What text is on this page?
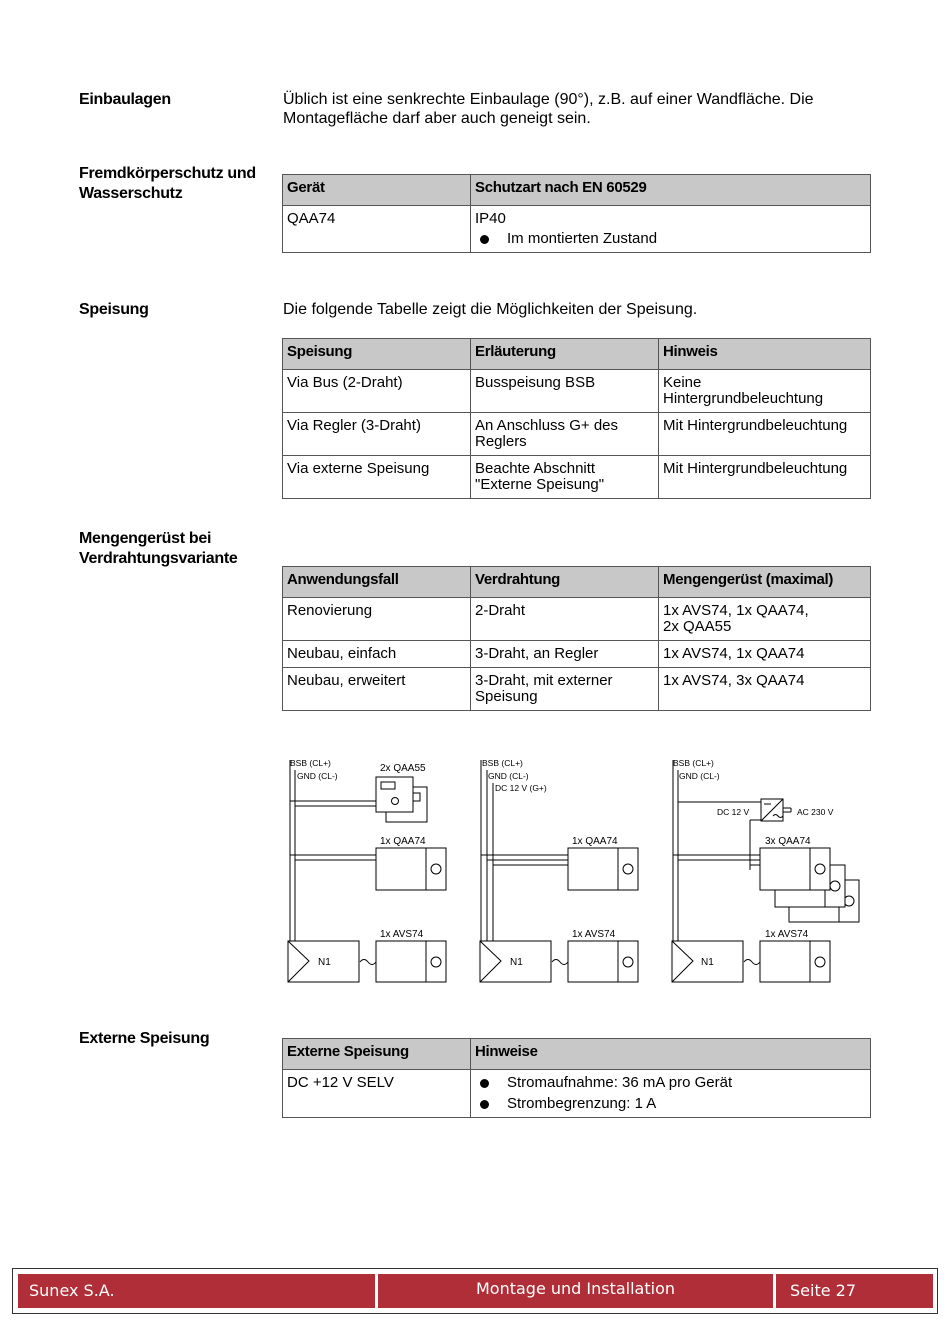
Einbaulagen	Üblich ist eine senkrechte Einbaulage (90°), z.B. auf einer Wandfläche. Die
Montagefläche darf aber auch geneigt sein.
Fremdkörperschutz und
Wasserschutz	Gerät	Schutzart nach EN 60529
QAA74	IP40
Im montierten Zustand
Speisung	Die folgende Tabelle zeigt die Möglichkeiten der Speisung.
Speisung	Erläuterung	Hinweis
Via Bus (2-Draht)	Busspeisung BSB	Keine Hintergrundbeleuchtung
Via Regler (3-Draht)	An Anschluss G+ des Reglers	Mit Hintergrundbeleuchtung
Via externe Speisung	Beachte Abschnitt "Externe Speisung"	Mit Hintergrundbeleuchtung
Mengengerüst bei
Verdrahtungsvariante
Anwendungsfall	Verdrahtung	Mengengerüst (maximal)
Renovierung	2-Draht	1x AVS74, 1x QAA74, 2x QAA55
Neubau, einfach	3-Draht, an Regler	1x AVS74, 1x QAA74
Neubau, erweitert	3-Draht, mit externer Speisung	1x AVS74, 3x QAA74
BSB (CL+)
GND (CL-)
2x QAA55
1x QAA74
N1
1x AVS74
BSB (CL+)
GND (CL-)
DC 12 V (G+)
1x QAA74
N1
1x AVS74
BSB (CL+)
GND (CL-)
DC 12 V	AC 230 V
3x QAA74
N1
1x AVS74
Externe Speisung
Externe Speisung	Hinweise
DC +12 V SELV	Stromaufnahme: 36 mA pro Gerät
Strombegrenzung: 1 A
Sunex S.A.	Montage und Installation	Seite 27
